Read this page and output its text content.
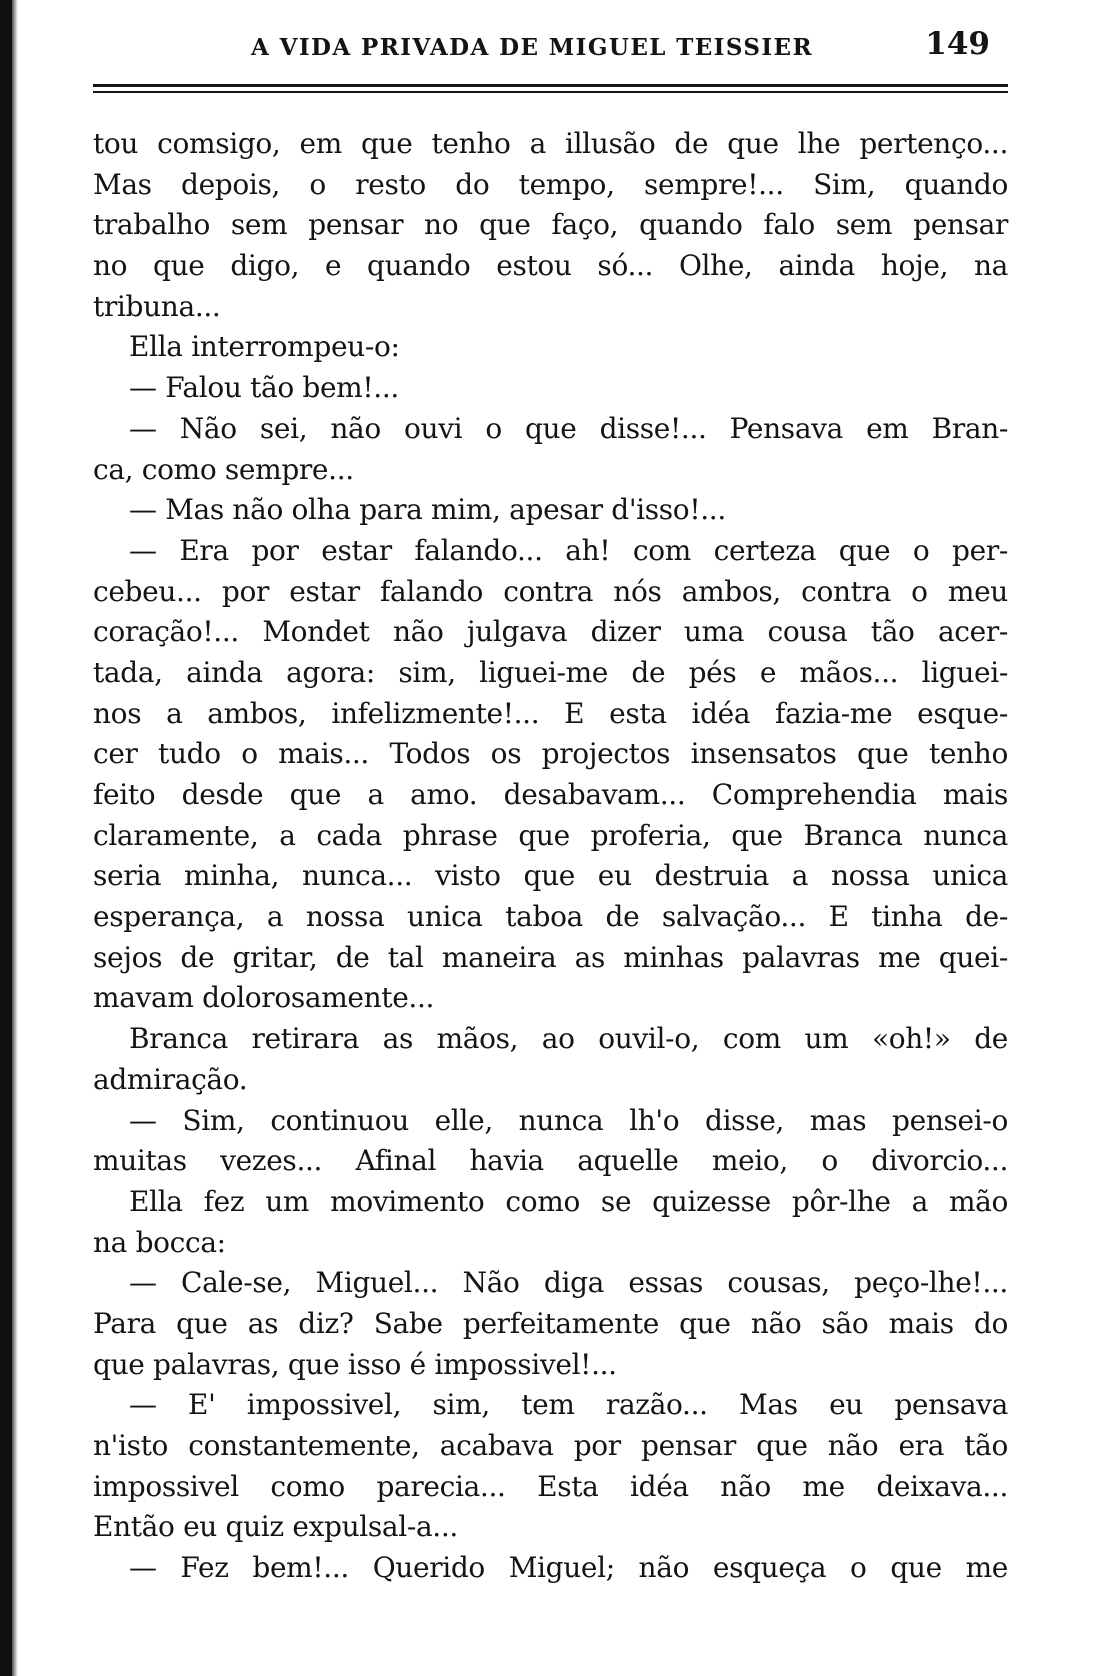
A VIDA PRIVADA DE MIGUEL TEISSIER	149
tou comsigo, em que tenho a illusão de que lhe pertenço...
Mas depois, o resto do tempo, sempre!... Sim, quando
trabalho sem pensar no que faço, quando falo sem pensar
no que digo, e quando estou só... Olhe, ainda hoje, na
tribuna...
Ella interrompeu-o:
— Falou tão bem!...
— Não sei, não ouvi o que disse!... Pensava em Bran-
ca, como sempre...
— Mas não olha para mim, apesar d'isso!...
— Era por estar falando... ah! com certeza que o per-
cebeu... por estar falando contra nós ambos, contra o meu
coração!... Mondet não julgava dizer uma cousa tão acer-
tada, ainda agora: sim, liguei-me de pés e mãos... liguei-
nos a ambos, infelizmente!... E esta idéa fazia-me esque-
cer tudo o mais... Todos os projectos insensatos que tenho
feito desde que a amo. desabavam... Comprehendia mais
claramente, a cada phrase que proferia, que Branca nunca
seria minha, nunca... visto que eu destruia a nossa unica
esperança, a nossa unica taboa de salvação... E tinha de-
sejos de gritar, de tal maneira as minhas palavras me quei-
mavam dolorosamente...
Branca retirara as mãos, ao ouvil-o, com um «oh!» de
admiração.
— Sim, continuou elle, nunca lh'o disse, mas pensei-o
muitas vezes... Afinal havia aquelle meio, o divorcio...
Ella fez um movimento como se quizesse pôr-lhe a mão
na bocca:
— Cale-se, Miguel... Não diga essas cousas, peço-lhe!...
Para que as diz? Sabe perfeitamente que não são mais do
que palavras, que isso é impossivel!...
— E' impossivel, sim, tem razão... Mas eu pensava
n'isto constantemente, acabava por pensar que não era tão
impossivel como parecia... Esta idéa não me deixava...
Então eu quiz expulsal-a...
— Fez bem!... Querido Miguel; não esqueça o que me
